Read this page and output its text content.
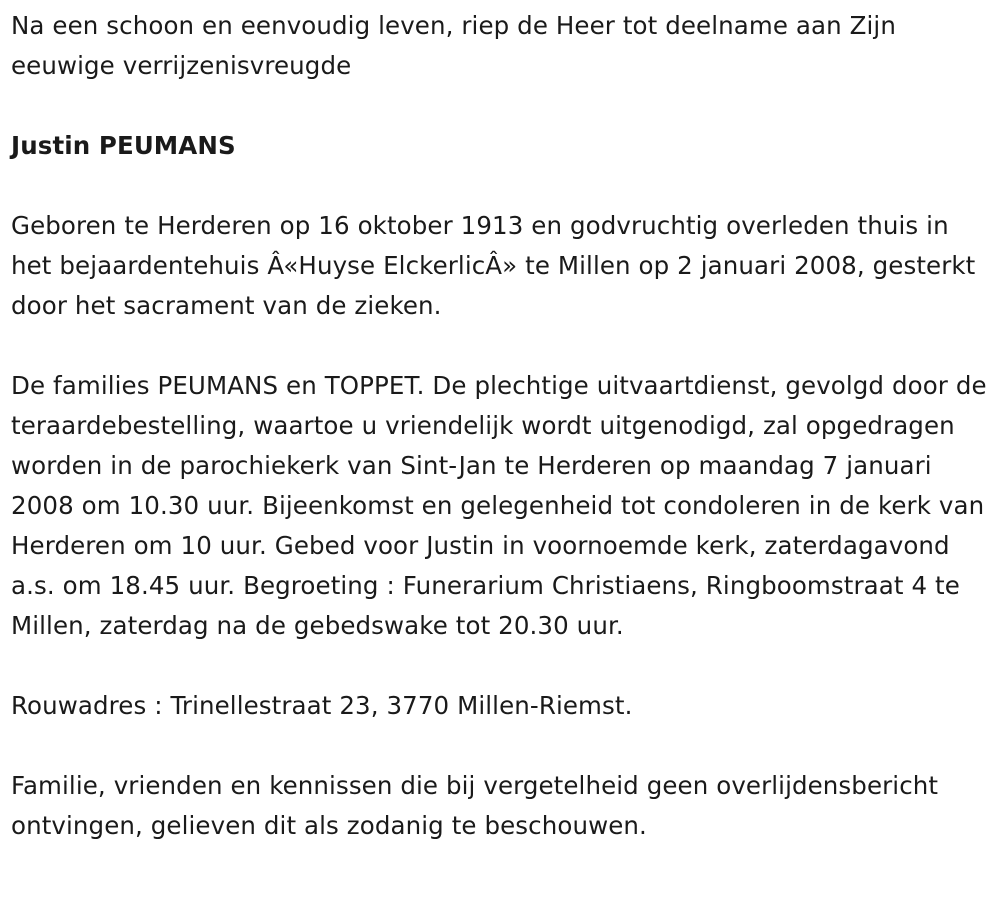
Na een schoon en eenvoudig leven, riep de Heer tot deelname aan Zijn eeuwige verrijzenisvreugde

Justin PEUMANS

Geboren te Herderen op 16 oktober 1913 en godvruchtig overleden thuis in het bejaardentehuis Â«Huyse ElckerlicÂ» te Millen op 2 januari 2008, gesterkt door het sacrament van de zieken.

De families PEUMANS en TOPPET. De plechtige uitvaartdienst, gevolgd door de teraardebestelling, waartoe u vriendelijk wordt uitgenodigd, zal opgedragen worden in de parochiekerk van Sint-Jan te Herderen op maandag 7 januari 2008 om 10.30 uur. Bijeenkomst en gelegenheid tot condoleren in de kerk van Herderen om 10 uur. Gebed voor Justin in voornoemde kerk, zaterdagavond a.s. om 18.45 uur. Begroeting : Funerarium Christiaens, Ringboomstraat 4 te Millen, zaterdag na de gebedswake tot 20.30 uur.

Rouwadres : Trinellestraat 23, 3770 Millen-Riemst.

Familie, vrienden en kennissen die bij vergetelheid geen overlijdensbericht ontvingen, gelieven dit als zodanig te beschouwen.
